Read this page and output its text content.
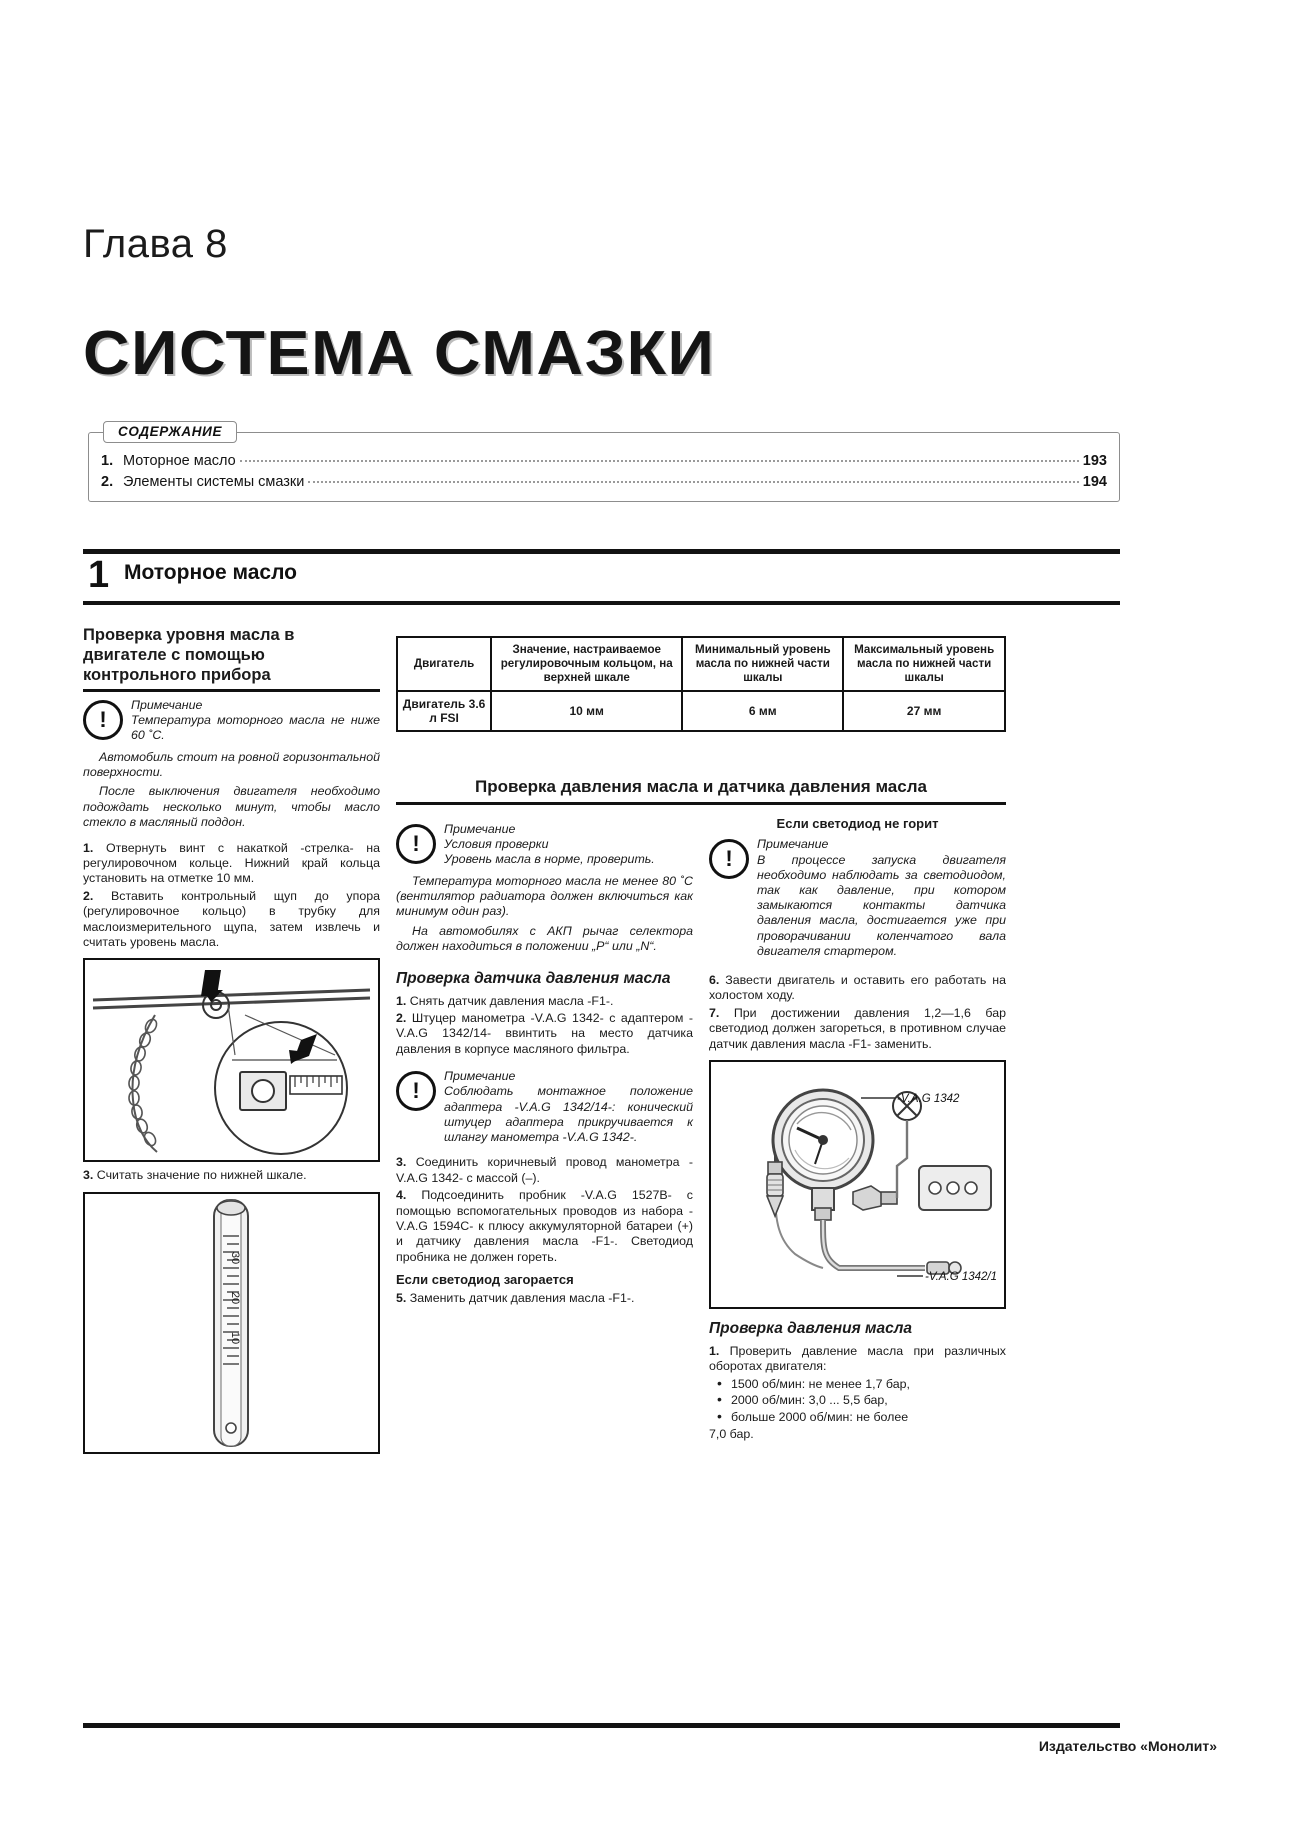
Глава 8
СИСТЕМА СМАЗКИ
СОДЕРЖАНИЕ
1. Моторное масло	193
2. Элементы системы смазки	194
1 Моторное масло
Проверка уровня масла в двигателе с помощью контрольного прибора
!

Примечание

Температура моторного масла не ниже 60 ˚С.

Автомобиль стоит на ровной горизонтальной поверхности.

После выключения двигателя необходимо подождать несколько минут, чтобы масло стекло в масляный поддон.

1. Отвернуть винт с накаткой -стрелка- на регулировочном кольце. Нижний край кольца установить на отметке 10 мм.

2. Вставить контрольный щуп до упора (регулировочное кольцо) в трубку для маслоизмерительного щупа, затем извлечь и считать уровень масла.

3. Считать значение по нижней шкале.

30
20
10
Двигатель	Значение, настраиваемое регулировочным кольцом, на верхней шкале	Минимальный уровень масла по нижней части шкалы	Максимальный уровень масла по нижней части шкалы
Двигатель 3.6 л FSI	10 мм	6 мм	27 мм
Проверка давления масла и датчика давления масла
!

Примечание

Условия проверки

Уровень масла в норме, проверить.

Температура моторного масла не менее 80 ˚С (вентилятор радиатора должен включиться как минимум один раз).

На автомобилях с АКП рычаг селектора должен находиться в положении „Р“ или „N“.

Проверка датчика давления масла

1. Снять датчик давления масла -F1-.

2. Штуцер манометра -V.A.G 1342- с адаптером -V.A.G 1342/14- ввинтить на место датчика давления в корпусе масляного фильтра.

!

Примечание

Соблюдать монтажное положение адаптера -V.A.G 1342/14-: конический штуцер адаптера прикручивается к шлангу манометра -V.A.G 1342-.

3. Соединить коричневый провод манометра -V.A.G 1342- с массой (–).

4. Подсоединить пробник -V.A.G 1527В- с помощью вспомогательных проводов из набора -V.A.G 1594С- к плюсу аккумуляторной батареи (+) и датчику давления масла -F1-. Светодиод пробника не должен гореть.

Если светодиод загорается

5. Заменить датчик давления масла -F1-.

Если светодиод не горит
!

Примечание

В процессе запуска двигателя необходимо наблюдать за светодиодом, так как давление, при котором замыкаются контакты датчика давления масла, достигается уже при проворачивании коленчатого вала двигателя стартером.

6. Завести двигатель и оставить его работать на холостом ходу.

7. При достижении давления 1,2—1,6 бар светодиод должен загореться, в противном случае датчик давления масла -F1- заменить.

-V.A.G 1342
-V.A.G 1342/1
Проверка давления масла

1. Проверить давление масла при различных оборотах двигателя:

• 1500 об/мин: не менее 1,7 бар,
• 2000 об/мин: 3,0 ... 5,5 бар,
• больше 2000 об/мин: не более

7,0 бар.

Издательство «Монолит»
